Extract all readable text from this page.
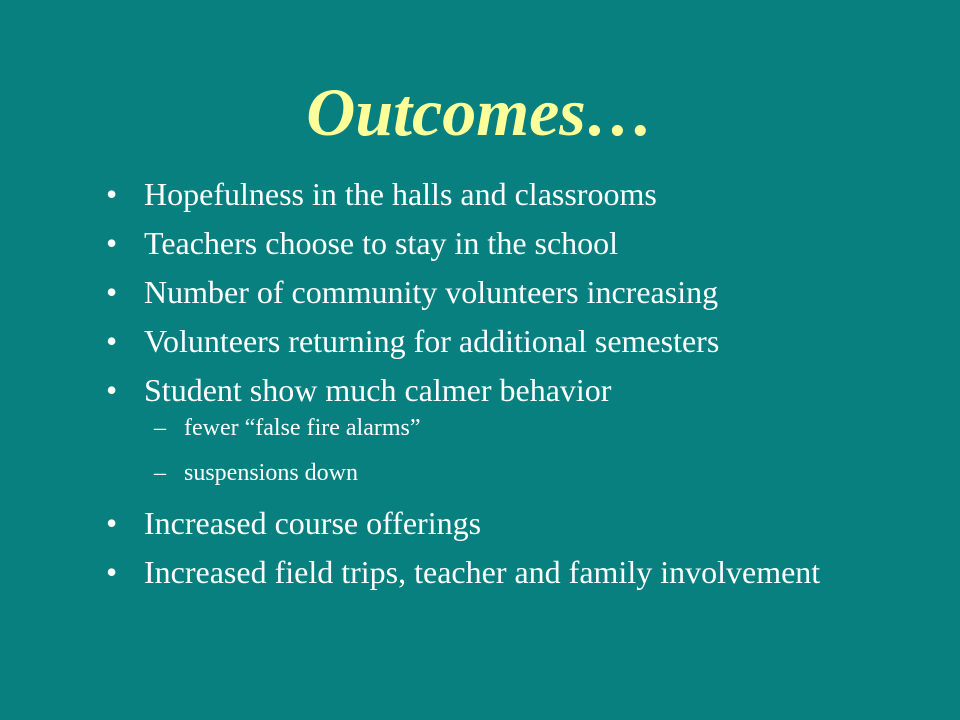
Outcomes…
• Hopefulness in the halls and classrooms
• Teachers choose to stay in the school
• Number of community volunteers increasing
• Volunteers returning for additional semesters
• Student show much calmer behavior
– fewer “false fire alarms”
– suspensions down
• Increased course offerings
• Increased field trips, teacher and family involvement
